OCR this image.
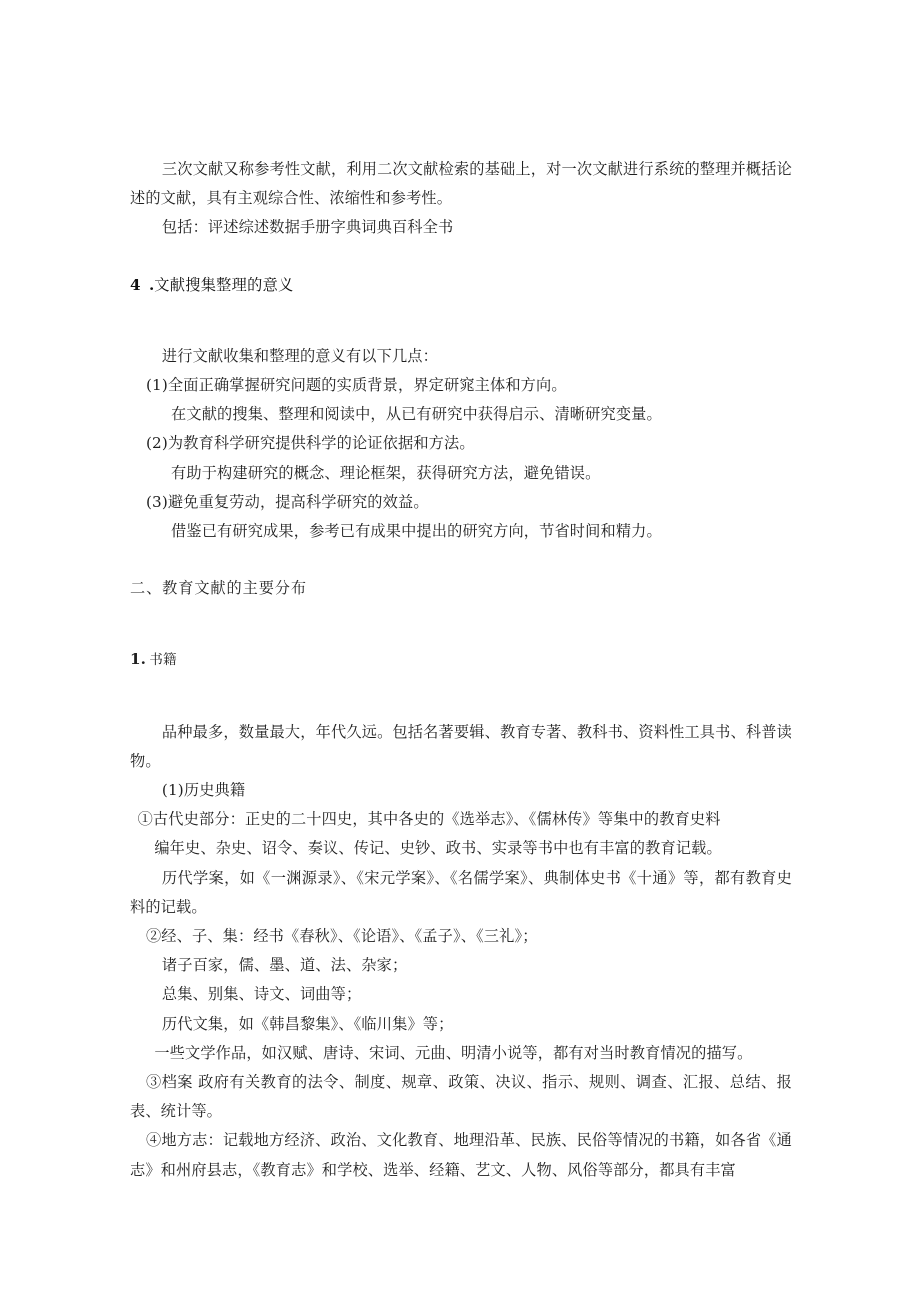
三次文献又称参考性文献，利用二次文献检索的基础上，对一次文献进行系统的整理并概括论述的文献，具有主观综合性、浓缩性和参考性。

包括：评述综述数据手册字典词典百科全书

4 .文献搜集整理的意义

进行文献收集和整理的意义有以下几点：

(1)全面正确掌握研究问题的实质背景，界定研窕主体和方向。

在文献的搜集、整理和阅读中，从已有研究中获得启示、清晰研究变量。

(2)为教育科学研究提供科学的论证依据和方法。

有助于构建研究的概念、理论框架，获得研究方法，避免错误。

(3)避免重复劳动，提高科学研究的效益。

借鉴已有研究成果，参考已有成果中提出的研究方向，节省时间和精力。

二、教育文献的主要分布

1. 书籍

品种最多，数量最大，年代久远。包括名著要辑、教育专著、教科书、资料性工具书、科普读物。

(1)历史典籍

①古代史部分：正史的二十四史，其中各史的《选举志》、《儒林传》等集中的教育史料

编年史、杂史、诏令、奏议、传记、史钞、政书、实录等书中也有丰富的教育记载。

历代学案，如《一渊源录》、《宋元学案》、《名儒学案》、典制体史书《十通》等，都有教育史料的记载。

②经、子、集：经书《春秋》、《论语》、《孟子》、《三礼》；

诸子百家，儒、墨、道、法、杂家；

总集、别集、诗文、词曲等；

历代文集，如《韩昌黎集》、《临川集》等；

一些文学作品，如汉赋、唐诗、宋词、元曲、明清小说等，都有对当时教育情况的描写。

③档案 政府有关教育的法令、制度、规章、政策、决议、指示、规则、调查、汇报、总结、报表、统计等。

④地方志：记载地方经济、政治、文化教育、地理沿革、民族、民俗等情况的书籍，如各省《通志》和州府县志，《教育志》和学校、选举、经籍、艺文、人物、风俗等部分，都具有丰富
